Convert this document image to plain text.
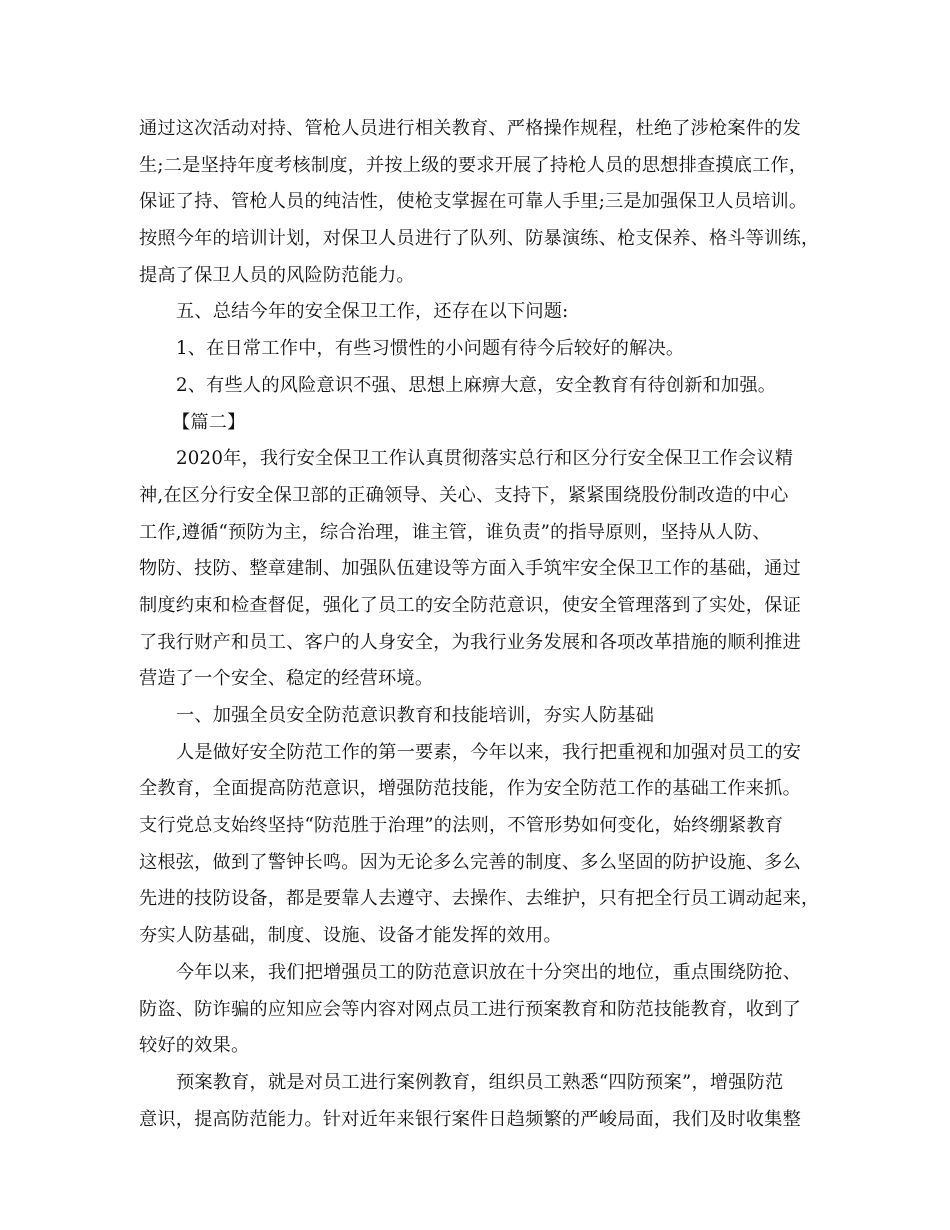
通过这次活动对持、管枪人员进行相关教育、严格操作规程，杜绝了涉枪案件的发
生;二是坚持年度考核制度，并按上级的要求开展了持枪人员的思想排查摸底工作，
保证了持、管枪人员的纯洁性，使枪支掌握在可靠人手里;三是加强保卫人员培训。
按照今年的培训计划，对保卫人员进行了队列、防暴演练、枪支保养、格斗等训练，
提高了保卫人员的风险防范能力。
五、总结今年的安全保卫工作，还存在以下问题:
1、在日常工作中，有些习惯性的小问题有待今后较好的解决。
2、有些人的风险意识不强、思想上麻痹大意，安全教育有待创新和加强。
【篇二】
2020年，我行安全保卫工作认真贯彻落实总行和区分行安全保卫工作会议精
神,在区分行安全保卫部的正确领导、关心、支持下，紧紧围绕股份制改造的中心
工作,遵循“预防为主，综合治理，谁主管，谁负责”的指导原则，坚持从人防、
物防、技防、整章建制、加强队伍建设等方面入手筑牢安全保卫工作的基础，通过
制度约束和检查督促，强化了员工的安全防范意识，使安全管理落到了实处，保证
了我行财产和员工、客户的人身安全，为我行业务发展和各项改革措施的顺利推进
营造了一个安全、稳定的经营环境。
一、加强全员安全防范意识教育和技能培训，夯实人防基础
人是做好安全防范工作的第一要素，今年以来，我行把重视和加强对员工的安
全教育，全面提高防范意识，增强防范技能，作为安全防范工作的基础工作来抓。
支行党总支始终坚持“防范胜于治理”的法则，不管形势如何变化，始终绷紧教育
这根弦，做到了警钟长鸣。因为无论多么完善的制度、多么坚固的防护设施、多么
先进的技防设备，都是要靠人去遵守、去操作、去维护，只有把全行员工调动起来，
夯实人防基础，制度、设施、设备才能发挥的效用。
今年以来，我们把增强员工的防范意识放在十分突出的地位，重点围绕防抢、
防盗、防诈骗的应知应会等内容对网点员工进行预案教育和防范技能教育，收到了
较好的效果。
预案教育，就是对员工进行案例教育，组织员工熟悉“四防预案”，增强防范
意识，提高防范能力。针对近年来银行案件日趋频繁的严峻局面，我们及时收集整
